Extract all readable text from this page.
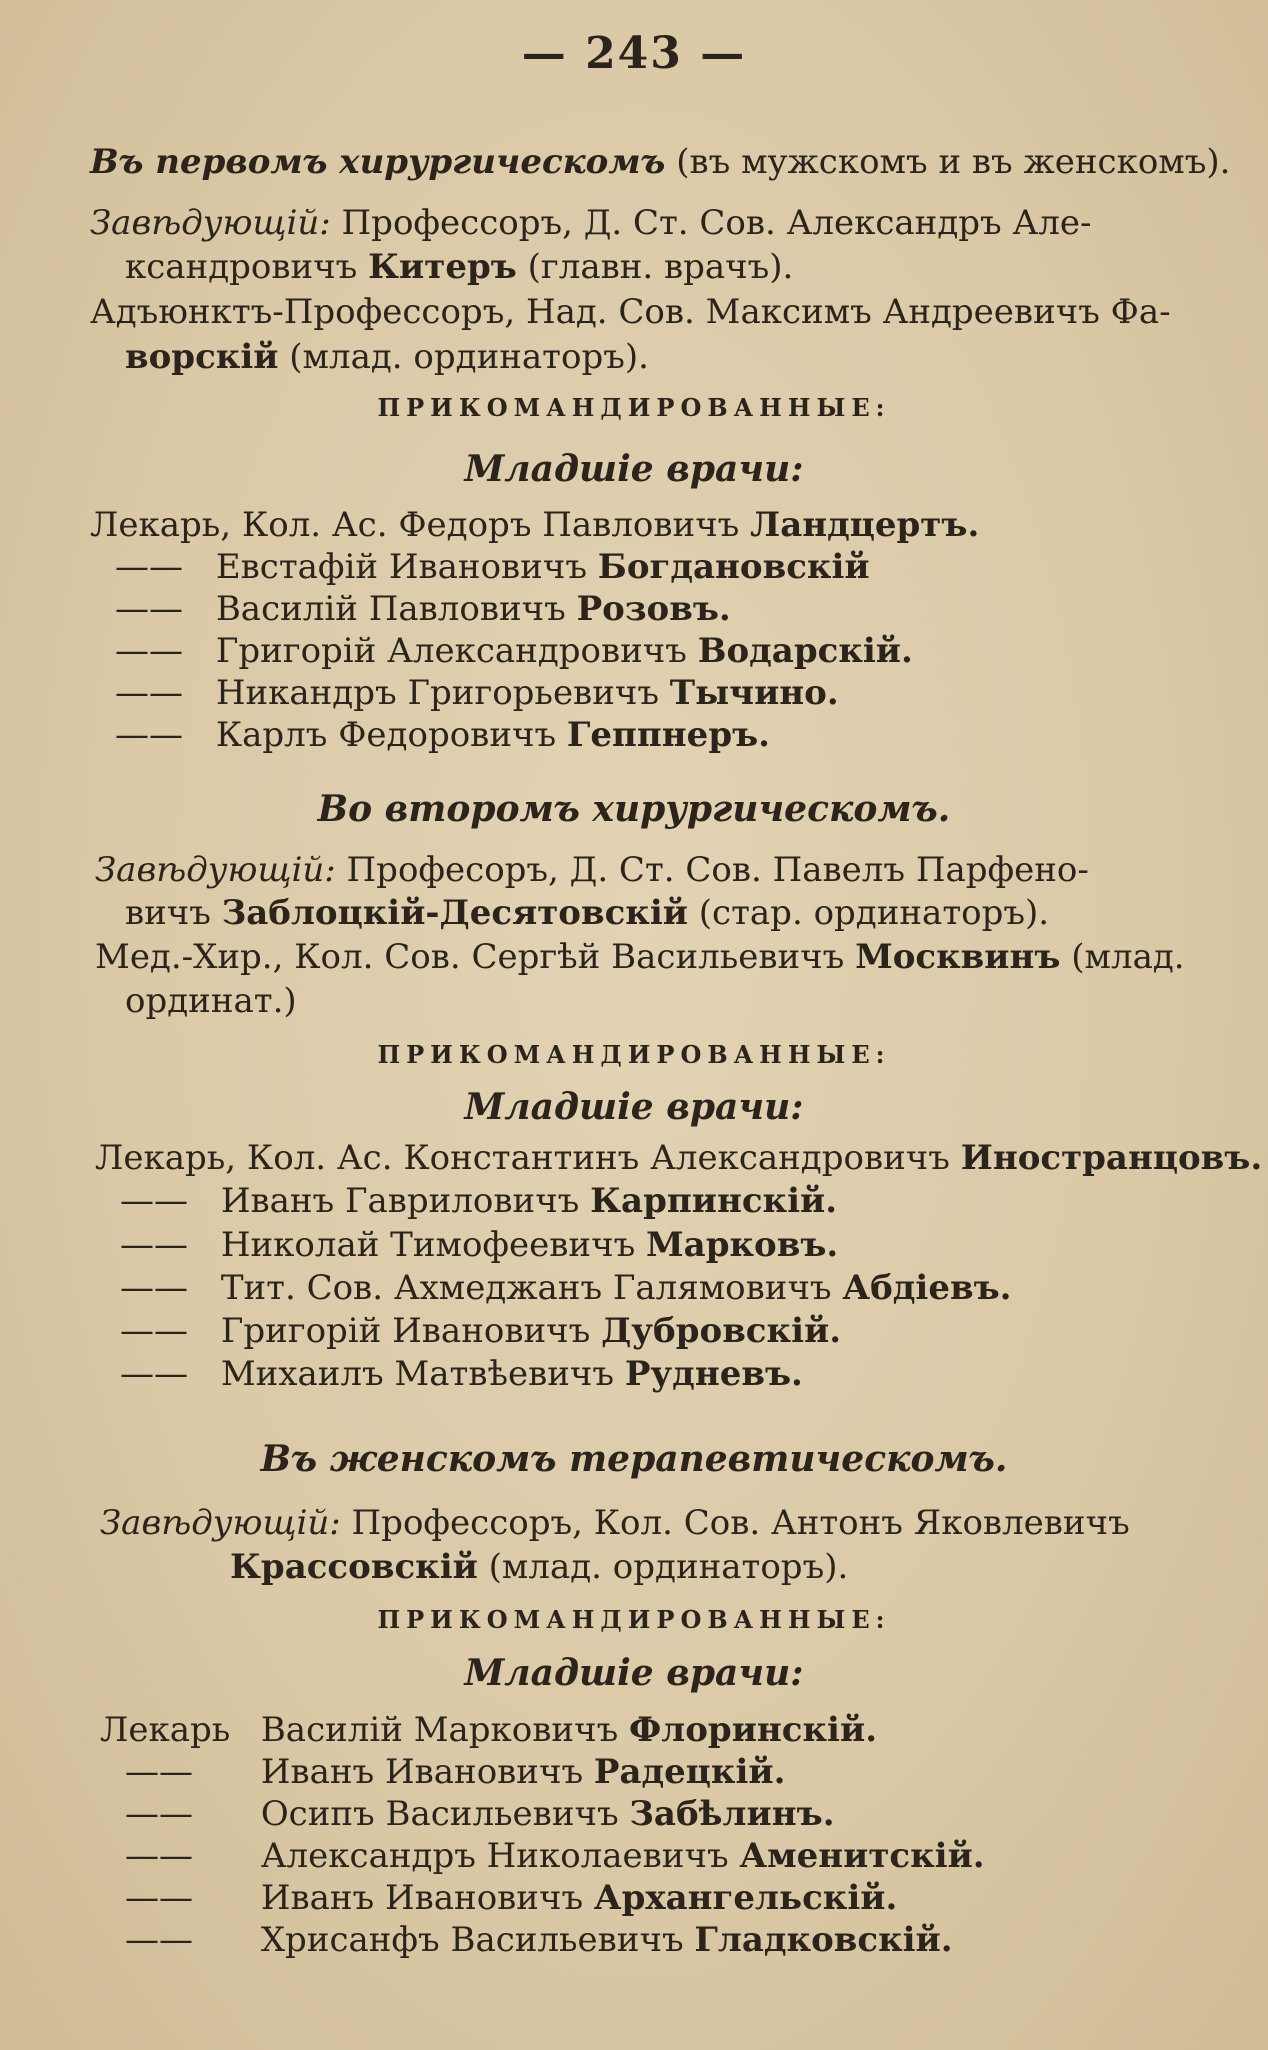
— 243 —
Въ первомъ хирургическомъ (въ мужскомъ и въ женскомъ).
Завѣдующій: Профессоръ, Д. Ст. Сов. Александръ Але-
ксандровичъ Китеръ (главн. врачъ).
Адъюнктъ-Профессоръ, Над. Сов. Максимъ Андреевичъ Фа-
ворскій (млад. ординаторъ).
ПРИКОМАНДИРОВАННЫЕ:
Младшіе врачи:
Лекарь, Кол. Ас. Федоръ Павловичъ Ландцертъ.
—— Евстафій Ивановичъ Богдановскій
—— Василій Павловичъ Розовъ.
—— Григорій Александровичъ Водарскій.
—— Никандръ Григорьевичъ Тычино.
—— Карлъ Федоровичъ Геппнеръ.
Во второмъ хирургическомъ.
Завѣдующій: Професоръ, Д. Ст. Сов. Павелъ Парфено-
вичъ Заблоцкій-Десятовскій (стар. ординаторъ).
Мед.-Хир., Кол. Сов. Сергѣй Васильевичъ Москвинъ (млад.
ординат.)
ПРИКОМАНДИРОВАННЫЕ:
Младшіе врачи:
Лекарь, Кол. Ас. Константинъ Александровичъ Иностранцовъ.
—— Иванъ Гавриловичъ Карпинскій.
—— Николай Тимофеевичъ Марковъ.
—— Тит. Сов. Ахмеджанъ Галямовичъ Абдіевъ.
—— Григорій Ивановичъ Дубровскій.
—— Михаилъ Матвѣевичъ Рудневъ.
Въ женскомъ терапевтическомъ.
Завѣдующій: Профессоръ, Кол. Сов. Антонъ Яковлевичъ
Крассовскій (млад. ординаторъ).
ПРИКОМАНДИРОВАННЫЕ:
Младшіе врачи:
Лекарь Василій Марковичъ Флоринскій.
—— Иванъ Ивановичъ Радецкій.
—— Осипъ Васильевичъ Забѣлинъ.
—— Александръ Николаевичъ Аменитскій.
—— Иванъ Ивановичъ Архангельскій.
—— Хрисанфъ Васильевичъ Гладковскій.
